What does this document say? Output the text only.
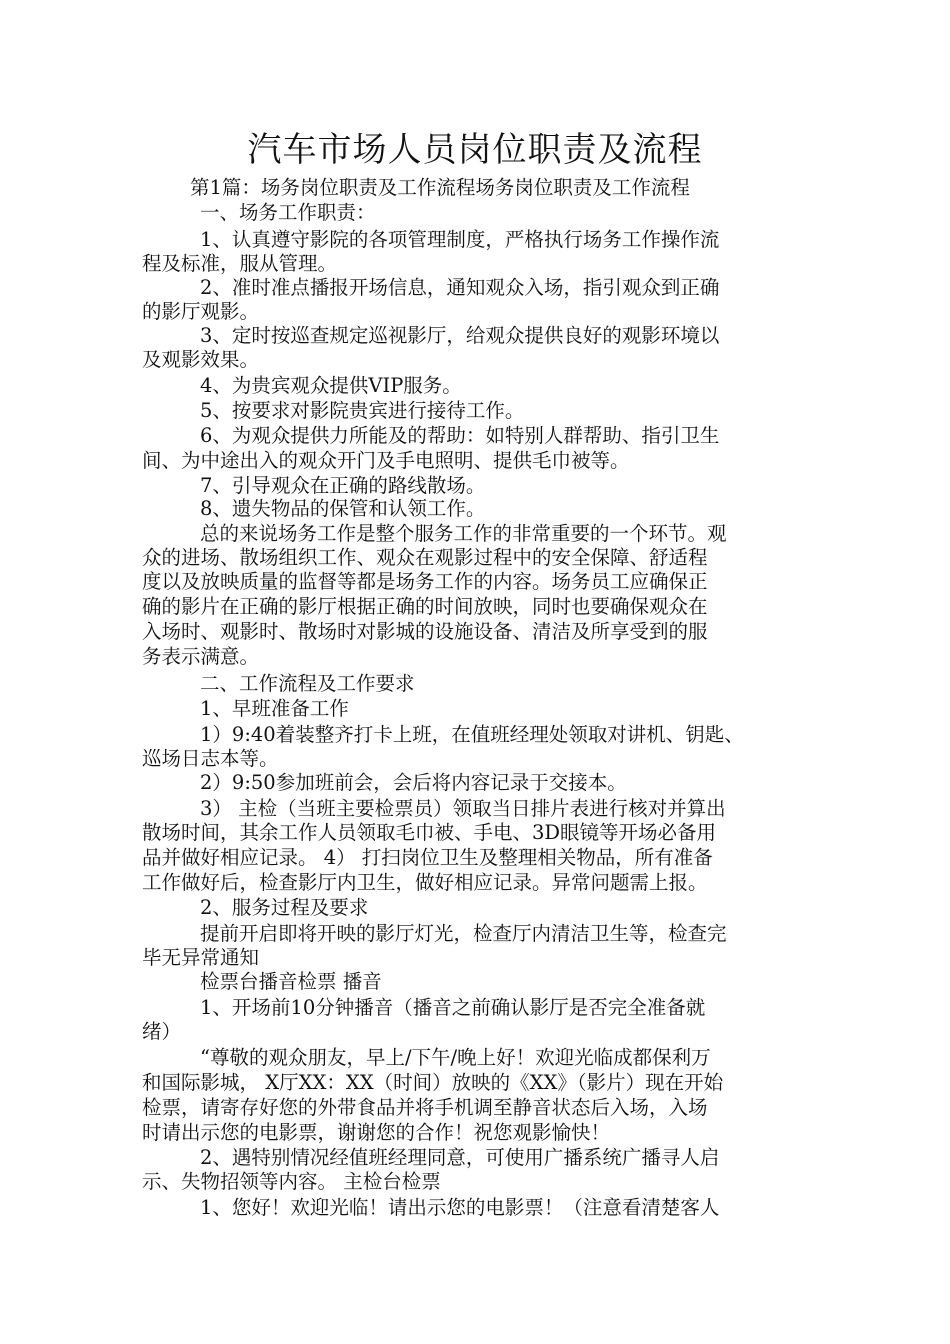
汽车市场人员岗位职责及流程

第1篇：场务岗位职责及工作流程场务岗位职责及工作流程

一、场务工作职责：

1、认真遵守影院的各项管理制度，严格执行场务工作操作流

程及标准，服从管理。

2、准时准点播报开场信息，通知观众入场，指引观众到正确

的影厅观影。

3、定时按巡查规定巡视影厅，给观众提供良好的观影环境以

及观影效果。

4、为贵宾观众提供VIP服务。

5、按要求对影院贵宾进行接待工作。

6、为观众提供力所能及的帮助：如特别人群帮助、指引卫生

间、为中途出入的观众开门及手电照明、提供毛巾被等。

7、引导观众在正确的路线散场。

8、遗失物品的保管和认领工作。

总的来说场务工作是整个服务工作的非常重要的一个环节。观

众的进场、散场组织工作、观众在观影过程中的安全保障、舒适程

度以及放映质量的监督等都是场务工作的内容。场务员工应确保正

确的影片在正确的影厅根据正确的时间放映，同时也要确保观众在

入场时、观影时、散场时对影城的设施设备、清洁及所享受到的服

务表示满意。

二、工作流程及工作要求

1、早班准备工作

1）9:40着装整齐打卡上班，在值班经理处领取对讲机、钥匙、

巡场日志本等。

2）9:50参加班前会，会后将内容记录于交接本。

3） 主检（当班主要检票员）领取当日排片表进行核对并算出

散场时间，其余工作人员领取毛巾被、手电、3D眼镜等开场必备用

品并做好相应记录。 4） 打扫岗位卫生及整理相关物品，所有准备

工作做好后，检查影厅内卫生，做好相应记录。异常问题需上报。

2、服务过程及要求

提前开启即将开映的影厅灯光，检查厅内清洁卫生等，检查完

毕无异常通知

检票台播音检票 播音

1、开场前10分钟播音（播音之前确认影厅是否完全准备就

绪）

“尊敬的观众朋友，早上/下午/晚上好！欢迎光临成都保利万

和国际影城， X厅XX：XX（时间）放映的《XX》（影片）现在开始

检票，请寄存好您的外带食品并将手机调至静音状态后入场，入场

时请出示您的电影票，谢谢您的合作！祝您观影愉快！

2、遇特别情况经值班经理同意，可使用广播系统广播寻人启

示、失物招领等内容。 主检台检票

1、您好！欢迎光临！请出示您的电影票！（注意看清楚客人
